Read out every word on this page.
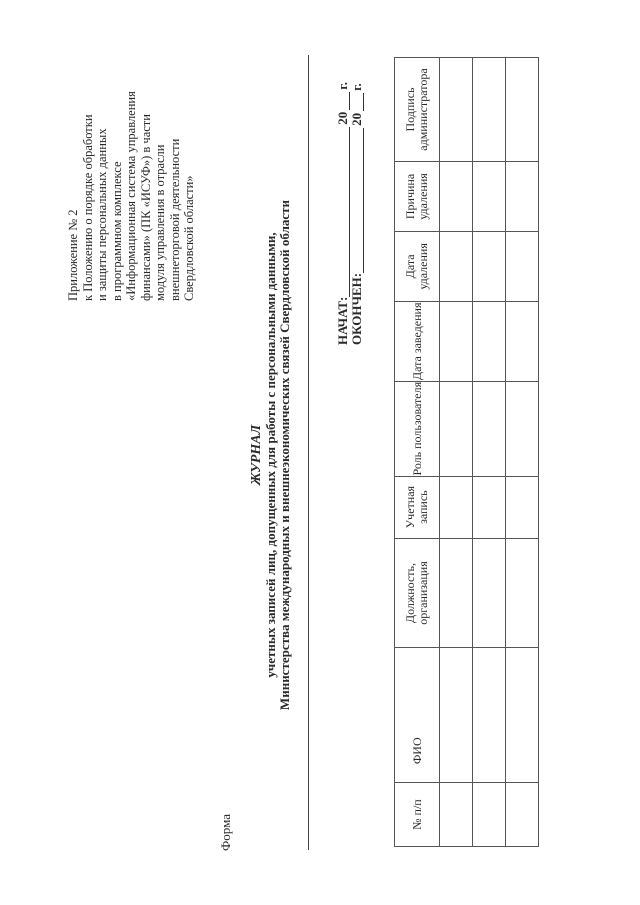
Приложение № 2 к Положению о порядке обработки и защиты персональных данных в программном комплексе «Информационная система управления финансами» (ПК «ИСУФ») в части модуля управления в отрасли внешнеторговой деятельности Свердловской области»
Форма
ЖУРНАЛ учетных записей лиц, допущенных для работы с персональными данными, Министерства международных и внешнеэкономических связей Свердловской области	НАЧАТ:
20
г.
ОКОНЧЕН:
20
г.
№ п/п	ФИО	Должность, организация	Учетная запись	Роль пользователя	Дата заведения	Дата удаления	Причина удаления	Подпись администратора
